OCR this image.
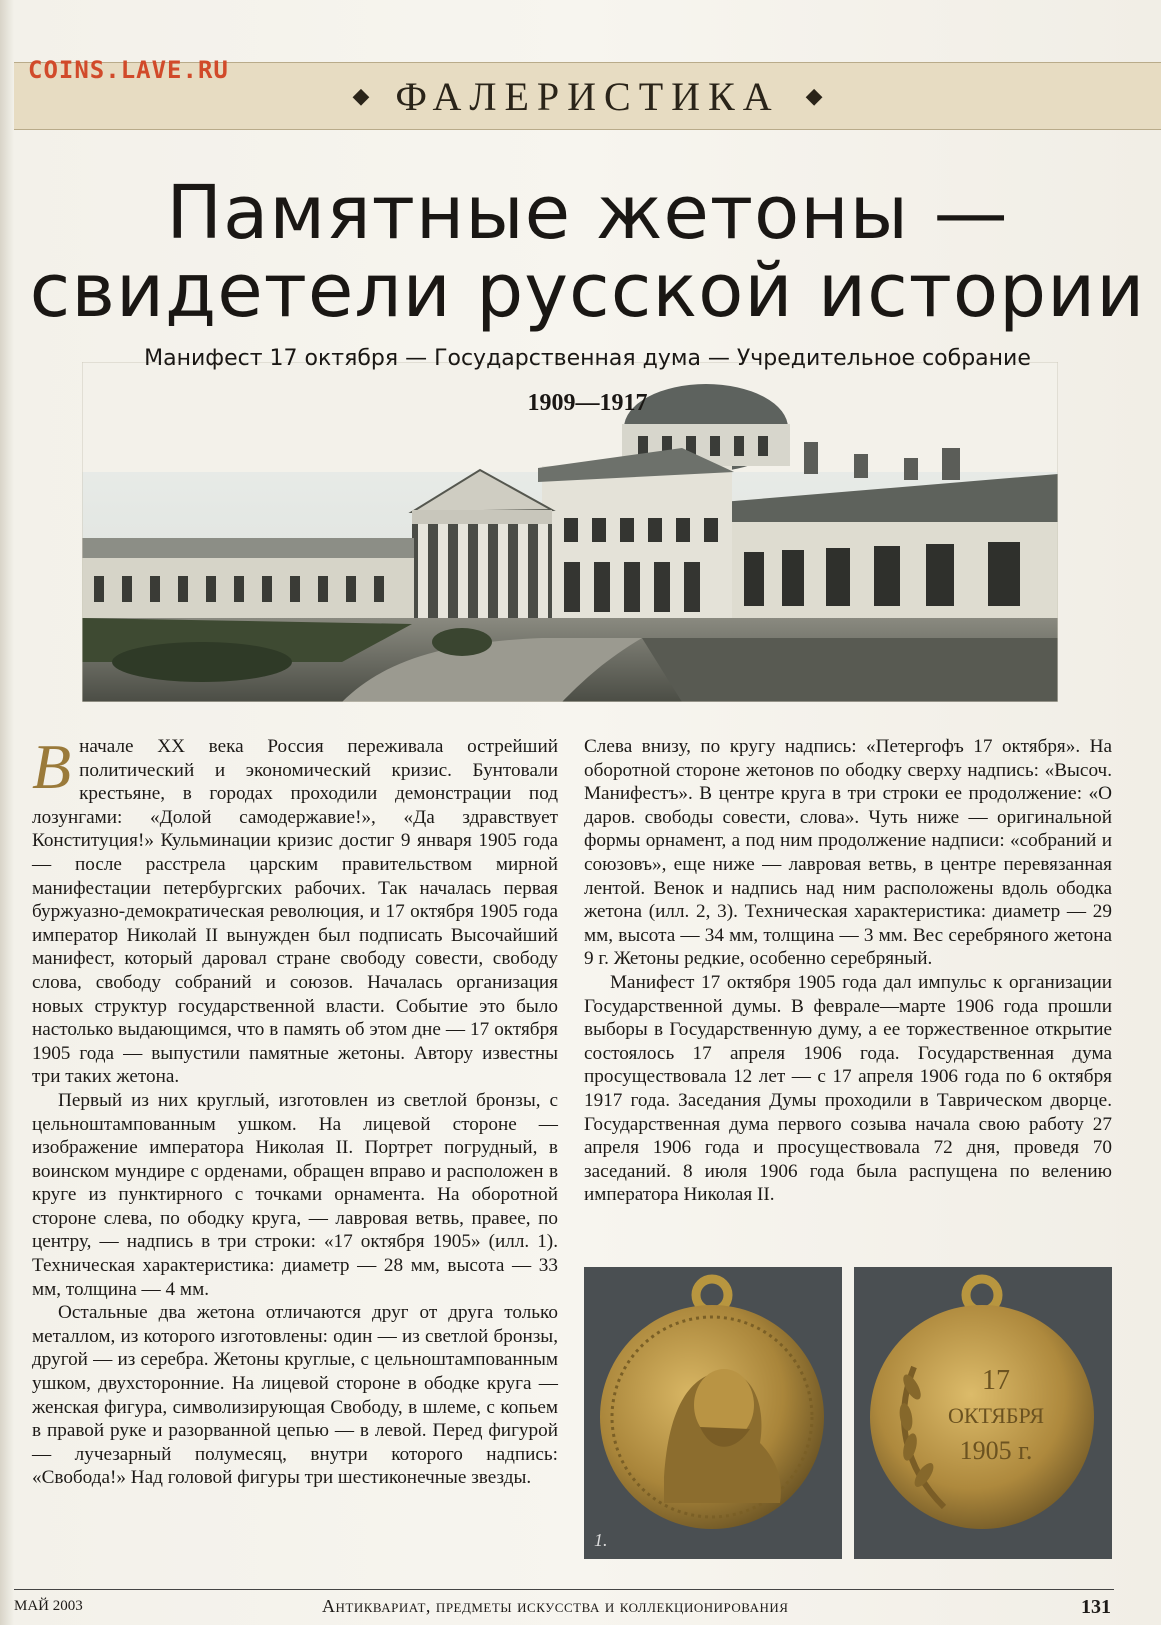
COINS.LAVE.RU
◆ ФАЛЕРИСТИКА ◆
Памятные жетоны —
свидетели русской истории
Манифест 17 октября — Государственная дума — Учредительное собрание
1909—1917

Вначале XX века Россия переживала острейший политический и экономический кризис. Бунтовали крестьяне, в городах проходили демонстрации под лозунгами: «Долой самодержавие!», «Да здравствует Конституция!» Кульминации кризис достиг 9 января 1905 года — после расстрела царским правительством мирной манифестации петербургских рабочих. Так началась первая буржуазно-демократическая революция, и 17 октября 1905 года император Николай II вынужден был подписать Высочайший манифест, который даровал стране свободу совести, свободу слова, свободу собраний и союзов. Началась организация новых структур государственной власти. Событие это было настолько выдающимся, что в память об этом дне — 17 октября 1905 года — выпустили памятные жетоны. Автору известны три таких жетона.

Первый из них круглый, изготовлен из светлой бронзы, с цельноштампованным ушком. На лицевой стороне — изображение императора Николая II. Портрет погрудный, в воинском мундире с орденами, обращен вправо и расположен в круге из пунктирного с точками орнамента. На оборотной стороне слева, по ободку круга, — лавровая ветвь, правее, по центру, — надпись в три строки: «17 октября 1905» (илл. 1). Техническая характеристика: диаметр — 28 мм, высота — 33 мм, толщина — 4 мм.

Остальные два жетона отличаются друг от друга только металлом, из которого изготовлены: один — из светлой бронзы, другой — из серебра. Жетоны круглые, с цельноштампованным ушком, двухсторонние. На лицевой стороне в ободке круга — женская фигура, символизирующая Свободу, в шлеме, с копьем в правой руке и разорванной цепью — в левой. Перед фигурой — лучезарный полумесяц, внутри которого надпись: «Свобода!» Над головой фигуры три шестиконечные звезды.

Слева внизу, по кругу надпись: «Петергофъ 17 октября». На оборотной стороне жетонов по ободку сверху надпись: «Высоч. Манифестъ». В центре круга в три строки ее продолжение: «О даров. свободы совести, слова». Чуть ниже — оригинальной формы орнамент, а под ним продолжение надписи: «собраний и союзовъ», еще ниже — лавровая ветвь, в центре перевязанная лентой. Венок и надпись над ним расположены вдоль ободка жетона (илл. 2, 3). Техническая характеристика: диаметр — 29 мм, высота — 34 мм, толщина — 3 мм. Вес серебряного жетона 9 г. Жетоны редкие, особенно серебряный.

Манифест 17 октября 1905 года дал импульс к организации Государственной думы. В феврале—марте 1906 года прошли выборы в Государственную думу, а ее торжественное открытие состоялось 17 апреля 1906 года. Государственная дума просуществовала 12 лет — с 17 апреля 1906 года по 6 октября 1917 года. Заседания Думы проходили в Таврическом дворце. Государственная дума первого созыва начала свою работу 27 апреля 1906 года и просуществовала 72 дня, проведя 70 заседаний. 8 июля 1906 года была распущена по велению императора Николая II.

1.
17
ОКТЯБРЯ
1905 г.
МАЙ 2003	Антиквариат, предметы искусства и коллекционирования	131
